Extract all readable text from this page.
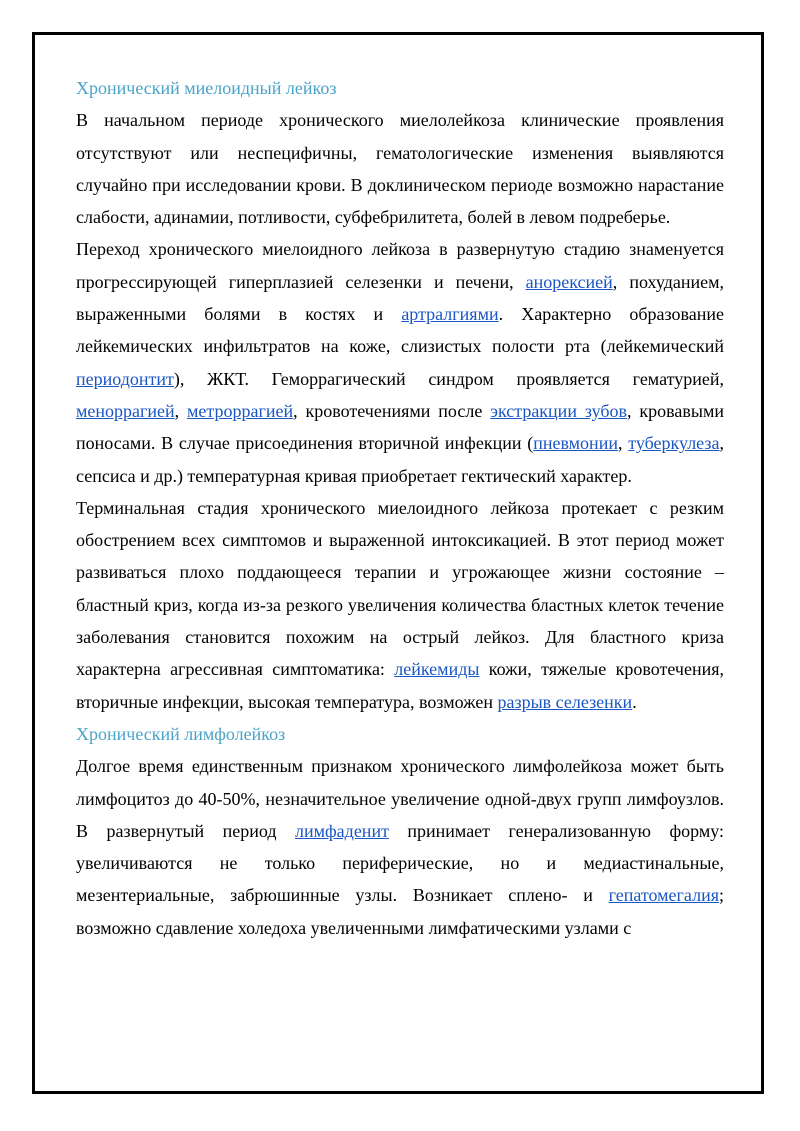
Хронический миелоидный лейкоз

В начальном периоде хронического миелолейкоза клинические проявления отсутствуют или неспецифичны, гематологические изменения выявляются случайно при исследовании крови. В доклиническом периоде возможно нарастание слабости, адинамии, потливости, субфебрилитета, болей в левом подреберье.

Переход хронического миелоидного лейкоза в развернутую стадию знаменуется прогрессирующей гиперплазией селезенки и печени, анорексией, похуданием, выраженными болями в костях и артралгиями. Характерно образование лейкемических инфильтратов на коже, слизистых полости рта (лейкемический периодонтит), ЖКТ. Геморрагический синдром проявляется гематурией, меноррагией, метроррагией, кровотечениями после экстракции зубов, кровавыми поносами. В случае присоединения вторичной инфекции (пневмонии, туберкулеза, сепсиса и др.) температурная кривая приобретает гектический характер.

Терминальная стадия хронического миелоидного лейкоза протекает с резким обострением всех симптомов и выраженной интоксикацией. В этот период может развиваться плохо поддающееся терапии и угрожающее жизни состояние – бластный криз, когда из-за резкого увеличения количества бластных клеток течение заболевания становится похожим на острый лейкоз. Для бластного криза характерна агрессивная симптоматика: лейкемиды кожи, тяжелые кровотечения, вторичные инфекции, высокая температура, возможен разрыв селезенки.

Хронический лимфолейкоз

Долгое время единственным признаком хронического лимфолейкоза может быть лимфоцитоз до 40-50%, незначительное увеличение одной-двух групп лимфоузлов. В развернутый период лимфаденит принимает генерализованную форму: увеличиваются не только периферические, но и медиастинальные, мезентериальные, забрюшинные узлы. Возникает сплено- и гепатомегалия; возможно сдавление холедоха увеличенными лимфатическими узлами с
